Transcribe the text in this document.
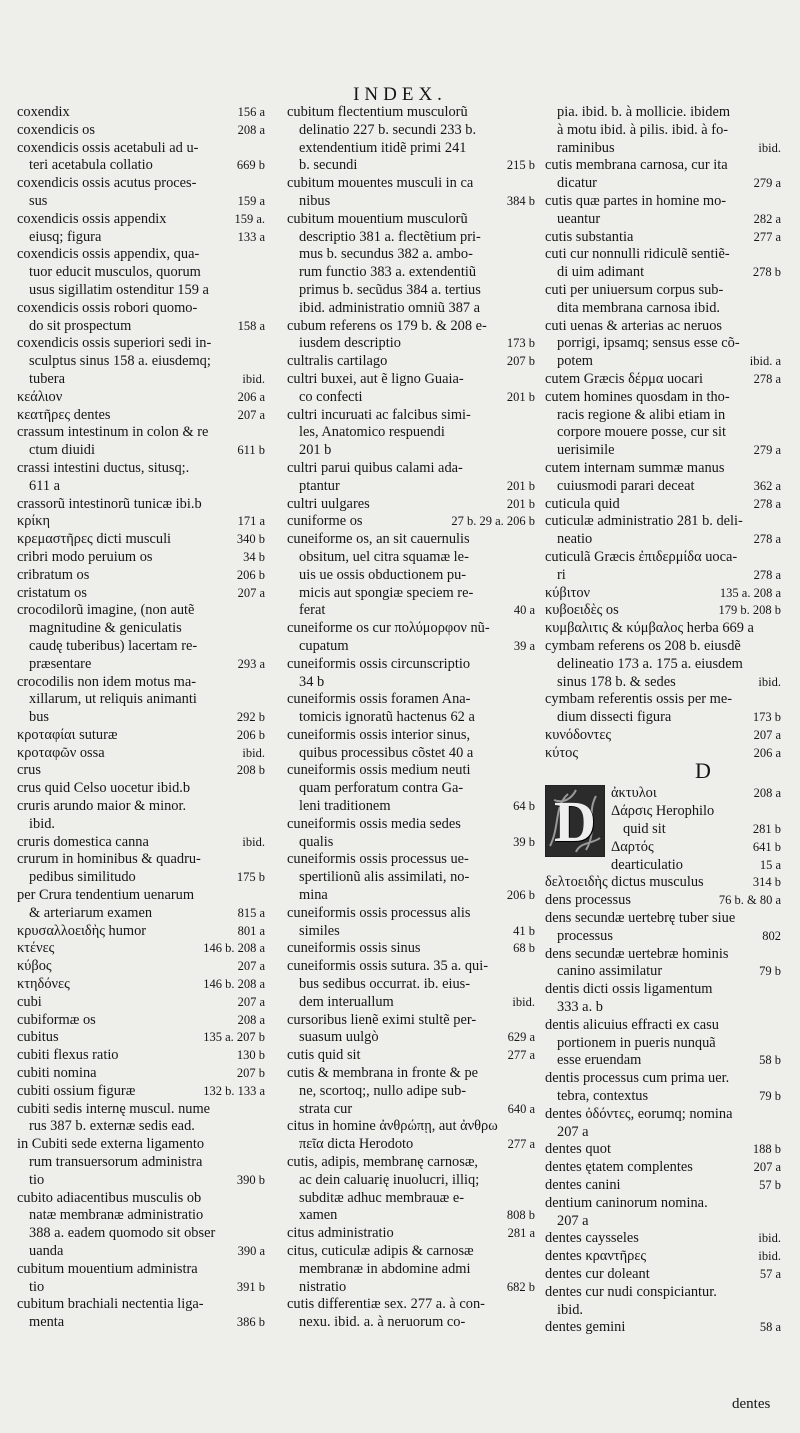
INDEX.
coxendix	156 a
coxendicis os	208 a
coxendicis ossis acetabuli ad u-
teri acetabula collatio	669 b
coxendicis ossis acutus proces-
sus	159 a
coxendicis ossis appendix	159 a.
eiusq; figura	133 a
coxendicis ossis appendix, qua-
tuor educit musculos, quorum
usus sigillatim ostenditur 159 a
coxendicis ossis robori quomo-
do sit prospectum	158 a
coxendicis ossis superiori sedi in-
sculptus sinus 158 a. eiusdemq;
tubera	ibid.
κεάλιον	206 a
κεατῆρες dentes	207 a
crassum intestinum in colon & re
ctum diuidi	611 b
crassi intestini ductus, situsq;.
611 a
crassorũ intestinorũ tunicæ ibi.b
κρίκη	171 a
κρεμαστῆρες dicti musculi	340 b
cribri modo peruium os	34 b
cribratum os	206 b
cristatum os	207 a
crocodilorũ imagine, (non autẽ
magnitudine & geniculatis
caudę tuberibus) lacertam re-
præsentare	293 a
crocodilis non idem motus ma-
xillarum, ut reliquis animanti
bus	292 b
κροταφίαι suturæ	206 b
κροταφῶν ossa	ibid.
crus	208 b
crus quid Celso uocetur ibid.b
cruris arundo maior & minor.
ibid.
cruris domestica canna	ibid.
crurum in hominibus & quadru-
pedibus similitudo	175 b
per Crura tendentium uenarum
& arteriarum examen	815 a
κρυσαλλοειδὴς humor	801 a
κτένες	146 b. 208 a
κύβος	207 a
κτηδόνες	146 b. 208 a
cubi	207 a
cubiformæ os	208 a
cubitus	135 a. 207 b
cubiti flexus ratio	130 b
cubiti nomina	207 b
cubiti ossium figuræ	132 b. 133 a
cubiti sedis internę muscul. nume
rus 387 b. externæ sedis ead.
in Cubiti sede externa ligamento
rum transuersorum administra
tio	390 b
cubito adiacentibus musculis ob
natæ membranæ administratio
388 a. eadem quomodo sit obser
uanda	390 a
cubitum mouentium administra
tio	391 b
cubitum brachiali nectentia liga-
menta	386 b
cubitum flectentium musculorũ
delinatio 227 b. secundi 233 b.
extendentium itidẽ primi 241
b. secundi	215 b
cubitum mouentes musculi in ca
nibus	384 b
cubitum mouentium musculorũ
descriptio 381 a. flectẽtium pri-
mus b. secundus 382 a. ambo-
rum functio 383 a. extendentiũ
primus b. secũdus 384 a. tertius
ibid. administratio omniũ 387 a
cubum referens os 179 b. & 208 e-
iusdem descriptio	173 b
cultralis cartilago	207 b
cultri buxei, aut ẽ ligno Guaia-
co confecti	201 b
cultri incuruati ac falcibus simi-
les, Anatomico respuendi
201 b
cultri parui quibus calami ada-
ptantur	201 b
cultri uulgares	201 b
cuniforme os	27 b. 29 a. 206 b
cuneiforme os, an sit cauernulis
obsitum, uel citra squamæ le-
uis ue ossis obductionem pu-
micis aut spongiæ speciem re-
ferat	40 a
cuneiforme os cur πολύμορφον nũ-
cupatum	39 a
cuneiformis ossis circunscriptio
34 b
cuneiformis ossis foramen Ana-
tomicis ignoratũ hactenus 62 a
cuneiformis ossis interior sinus,
quibus processibus cõstet 40 a
cuneiformis ossis medium neuti
quam perforatum contra Ga-
leni traditionem	64 b
cuneiformis ossis media sedes
qualis	39 b
cuneiformis ossis processus ue-
spertilionũ alis assimilati, no-
mina	206 b
cuneiformis ossis processus alis
similes	41 b
cuneiformis ossis sinus	68 b
cuneiformis ossis sutura. 35 a. qui-
bus sedibus occurrat. ib. eius-
dem interuallum	ibid.
cursoribus lienẽ eximi stultẽ per-
suasum uulgò	629 a
cutis quid sit	277 a
cutis & membrana in fronte & pe
ne, scortoq;, nullo adipe sub-
strata cur	640 a
citus in homine ἀνθρώπῃ, aut ἀνθρω
πεῖα dicta Herodoto	277 a
cutis, adipis, membranę carnosæ,
ac dein caluarię inuolucri, illiq;
subditæ adhuc membrauæ e-
xamen	808 b
citus administratio	281 a
citus, cuticulæ adipis & carnosæ
membranæ in abdomine admi
nistratio	682 b
cutis differentiæ sex. 277 a. à con-
nexu. ibid. a. à neruorum co-
pia. ibid. b. à mollicie. ibidem
à motu ibid. à pilis. ibid. à fo-
raminibus	ibid.
cutis membrana carnosa, cur ita
dicatur	279 a
cutis quæ partes in homine mo-
ueantur	282 a
cutis substantia	277 a
cuti cur nonnulli ridiculẽ sentiẽ-
di uim adimant	278 b
cuti per uniuersum corpus sub-
dita membrana carnosa ibid.
cuti uenas & arterias ac neruos
porrigi, ipsamq; sensus esse cõ-
potem	ibid. a
cutem Græcis δέρμα uocari	278 a
cutem homines quosdam in tho-
racis regione & alibi etiam in
corpore mouere posse, cur sit
uerisimile	279 a
cutem internam summæ manus
cuiusmodi parari deceat	362 a
cuticula quid	278 a
cuticulæ administratio 281 b. deli-
neatio	278 a
cuticulã Græcis ἐπιδερμίδα uoca-
ri	278 a
κύβιτον	135 a. 208 a
κυβοειδὲς os	179 b. 208 b
κυμβαλιτις & κύμβαλος herba 669 a
cymbam referens os 208 b. eiusdẽ
delineatio 173 a. 175 a. eiusdem
sinus 178 b. & sedes	ibid.
cymbam referentis ossis per me-
dium dissecti figura	173 b
κυνόδοντες	207 a
κύτος	206 a
D
D	ἀκτυλοι	208 a
Δάρσις Herophilo
quid sit	281 b
Δαρτός	641 b
dearticulatio	15 a
δελτοειδὴς dictus musculus	314 b
dens processus	76 b. & 80 a
dens secundæ uertebrę tuber siue
processus	802
dens secundæ uertebræ hominis
canino assimilatur	79 b
dentis dicti ossis ligamentum
333 a. b
dentis alicuius effracti ex casu
portionem in pueris nunquã
esse eruendam	58 b
dentis processus cum prima uer.
tebra, contextus	79 b
dentes ὀδόντες, eorumq; nomina
207 a
dentes quot	188 b
dentes ętatem complentes	207 a
dentes canini	57 b
dentium caninorum nomina.
207 a
dentes caysseles	ibid.
dentes κραντῆρες	ibid.
dentes cur doleant	57 a
dentes cur nudi conspiciantur.
ibid.
dentes gemini	58 a
dentes
